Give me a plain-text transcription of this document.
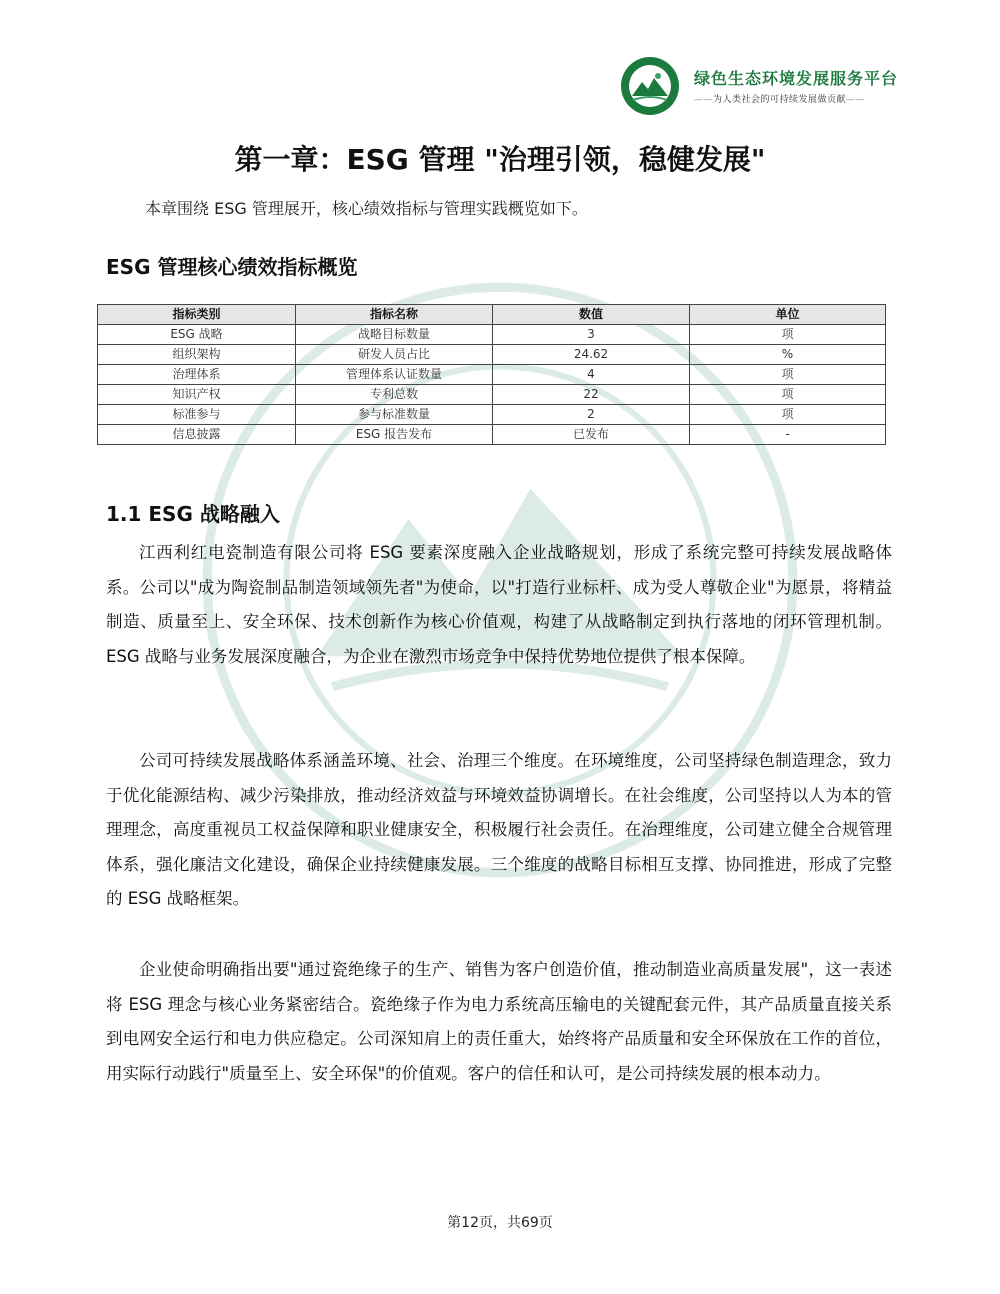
绿色生态环境发展服务平台
—— 为人类社会的可持续发展做贡献 ——
第一章：ESG 管理 "治理引领，稳健发展"

本章围绕 ESG 管理展开，核心绩效指标与管理实践概览如下。

ESG 管理核心绩效指标概览
指标类别	指标名称	数值	单位
ESG 战略	战略目标数量	3	项
组织架构	研发人员占比	24.62	%
治理体系	管理体系认证数量	4	项
知识产权	专利总数	22	项
标准参与	参与标准数量	2	项
信息披露	ESG 报告发布	已发布	-
1.1 ESG 战略融入

江西利红电瓷制造有限公司将 ESG 要素深度融入企业战略规划，形成了系统完整可持续发展战略体系。公司以"成为陶瓷制品制造领域领先者"为使命，以"打造行业标杆、成为受人尊敬企业"为愿景，将精益制造、质量至上、安全环保、技术创新作为核心价值观，构建了从战略制定到执行落地的闭环管理机制。ESG 战略与业务发展深度融合，为企业在激烈市场竞争中保持优势地位提供了根本保障。

公司可持续发展战略体系涵盖环境、社会、治理三个维度。在环境维度，公司坚持绿色制造理念，致力于优化能源结构、减少污染排放，推动经济效益与环境效益协调增长。在社会维度，公司坚持以人为本的管理理念，高度重视员工权益保障和职业健康安全，积极履行社会责任。在治理维度，公司建立健全合规管理体系，强化廉洁文化建设，确保企业持续健康发展。三个维度的战略目标相互支撑、协同推进，形成了完整的 ESG 战略框架。

企业使命明确指出要"通过瓷绝缘子的生产、销售为客户创造价值，推动制造业高质量发展"，这一表述将 ESG 理念与核心业务紧密结合。瓷绝缘子作为电力系统高压输电的关键配套元件，其产品质量直接关系到电网安全运行和电力供应稳定。公司深知肩上的责任重大，始终将产品质量和安全环保放在工作的首位，用实际行动践行"质量至上、安全环保"的价值观。客户的信任和认可，是公司持续发展的根本动力。

第12页，共69页
